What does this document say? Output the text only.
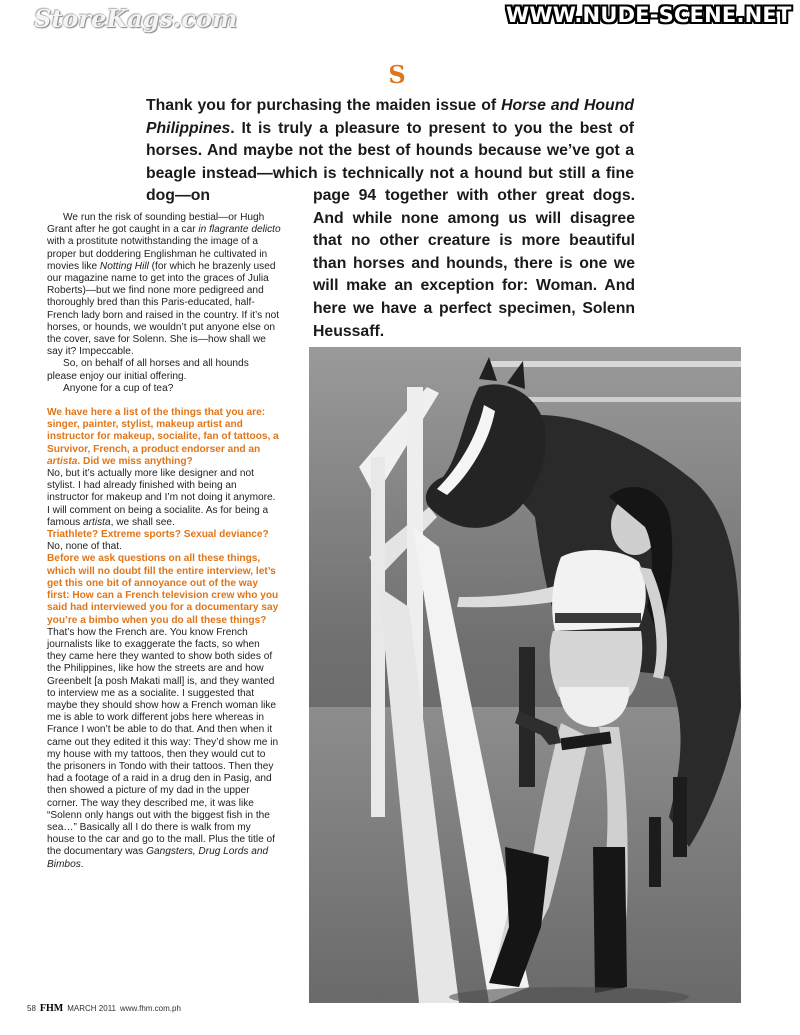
StoreKags.com	WWW.NUDE-SCENE.NET
S

Thank you for purchasing the maiden issue of Horse and Hound Philippines. It is truly a pleasure to present to you the best of horses. And maybe not the best of hounds because we’ve got a beagle instead—which is technically not a hound but still a fine dog—on	page 94 together with other great dogs. And while none among us will disagree that no other creature is more beautiful than horses and hounds, there is one we will make an exception for: Woman. And here we have a perfect specimen, Solenn Heussaff.

We run the risk of sounding bestial—or Hugh Grant after he got caught in a car in flagrante delicto with a prostitute notwithstanding the image of a proper but doddering Englishman he cultivated in movies like Notting Hill (for which he brazenly used our magazine name to get into the graces of Julia Roberts)—but we find none more pedigreed and thoroughly bred than this Paris-educated, half-French lady born and raised in the country. If it’s not horses, or hounds, we wouldn’t put anyone else on the cover, save for Solenn. She is—how shall we say it? Impeccable.

So, on behalf of all horses and all hounds please enjoy our initial offering.

Anyone for a cup of tea?

We have here a list of the things that you are: singer, painter, stylist, makeup artist and instructor for makeup, socialite, fan of tattoos, a Survivor, French, a product endorser and an artista. Did we miss anything?

No, but it’s actually more like designer and not stylist. I had already finished with being an instructor for makeup and I’m not doing it anymore. I will comment on being a socialite. As for being a famous artista, we shall see.

Triathlete? Extreme sports? Sexual deviance?

No, none of that.

Before we ask questions on all these things, which will no doubt fill the entire interview, let’s get this one bit of annoyance out of the way first: How can a French television crew who you said had interviewed you for a documentary say you’re a bimbo when you do all these things?

That’s how the French are. You know French journalists like to exaggerate the facts, so when they came here they wanted to show both sides of the Philippines, like how the streets are and how Greenbelt [a posh Makati mall] is, and they wanted to interview me as a socialite. I suggested that maybe they should show how a French woman like me is able to work different jobs here whereas in France I won’t be able to do that. And then when it came out they edited it this way: They’d show me in my house with my tattoos, then they would cut to the prisoners in Tondo with their tattoos. Then they had a footage of a raid in a drug den in Pasig, and then showed a picture of my dad in the upper corner. The way they described me, it was like “Solenn only hangs out with the biggest fish in the sea…” Basically all I do there is walk from my house to the car and go to the mall. Plus the title of the documentary was Gangsters, Drug Lords and Bimbos.

58 FHM MARCH 2011 www.fhm.com.ph
